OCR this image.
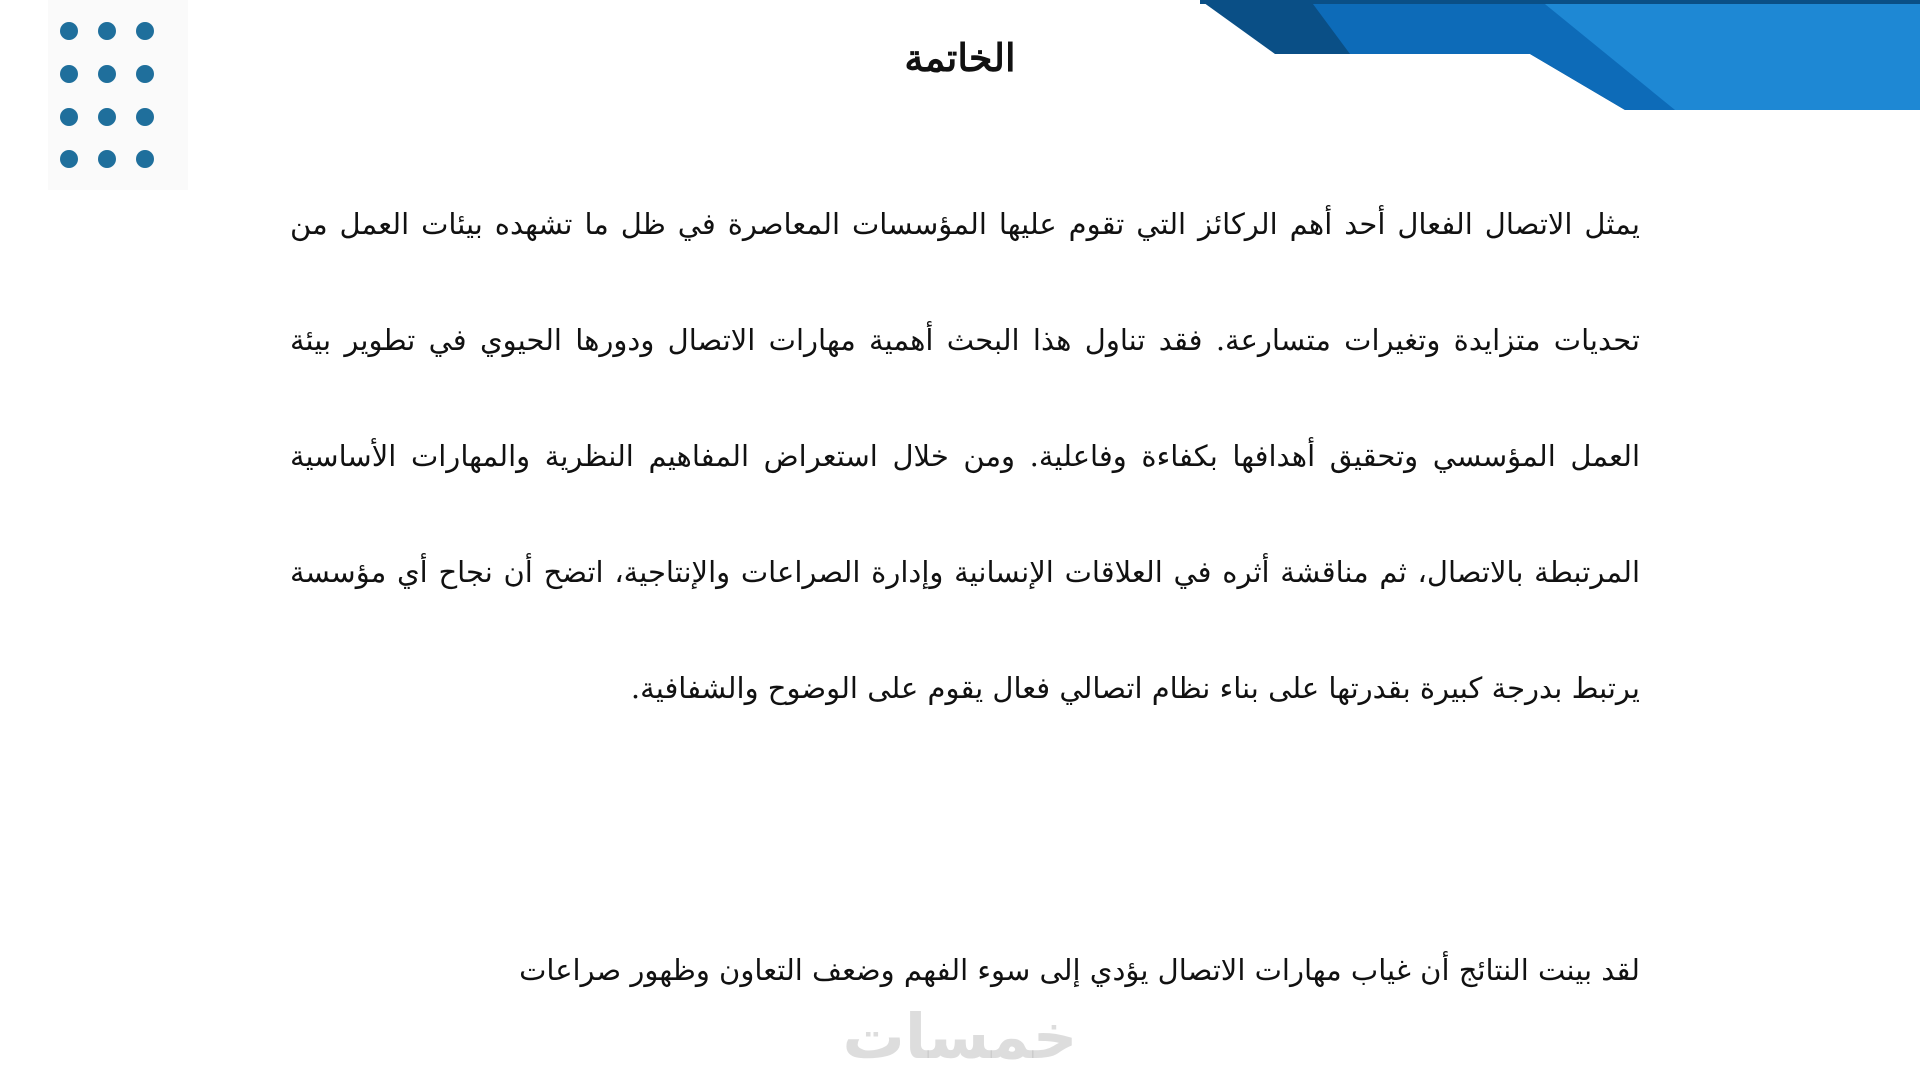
الخاتمة

يمثل الاتصال الفعال أحد أهم الركائز التي تقوم عليها المؤسسات المعاصرة في ظل ما تشهده بيئات العمل من تحديات متزايدة وتغيرات متسارعة. فقد تناول هذا البحث أهمية مهارات الاتصال ودورها الحيوي في تطوير بيئة العمل المؤسسي وتحقيق أهدافها بكفاءة وفاعلية. ومن خلال استعراض المفاهيم النظرية والمهارات الأساسية المرتبطة بالاتصال، ثم مناقشة أثره في العلاقات الإنسانية وإدارة الصراعات والإنتاجية، اتضح أن نجاح أي مؤسسة يرتبط بدرجة كبيرة بقدرتها على بناء نظام اتصالي فعال يقوم على الوضوح والشفافية.

لقد بينت النتائج أن غياب مهارات الاتصال يؤدي إلى سوء الفهم وضعف التعاون وظهور صراعات

خمسات
